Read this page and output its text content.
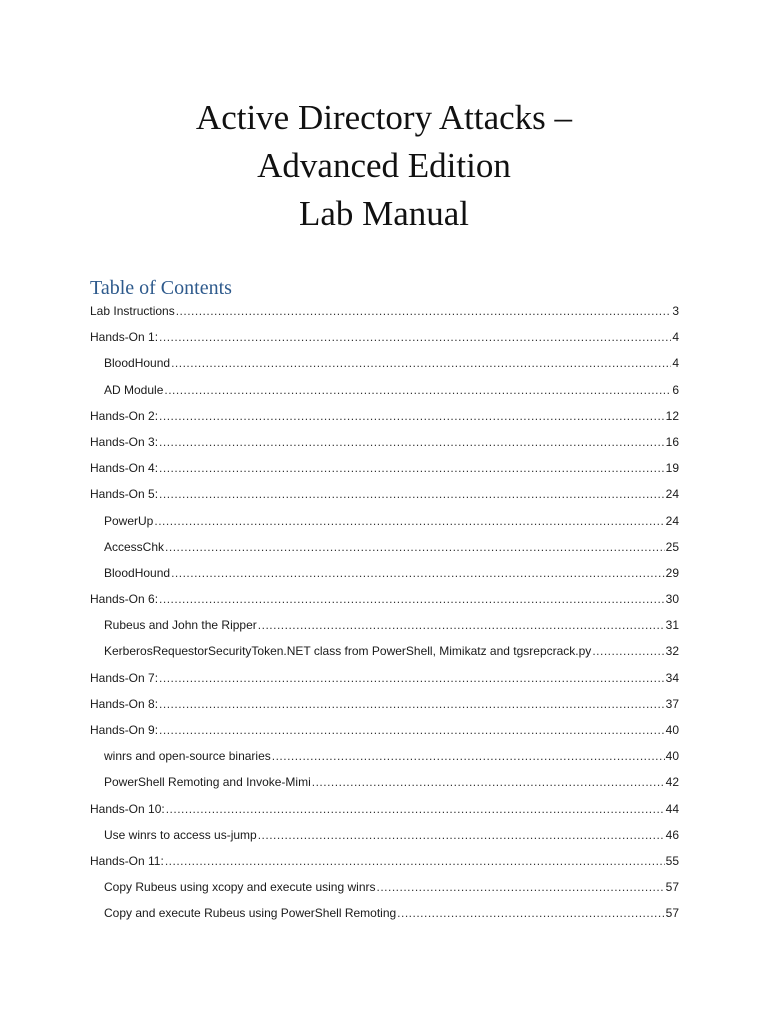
Active Directory Attacks –
Advanced Edition
Lab Manual
Table of Contents
Lab Instructions .....	3
Hands-On 1: .....	4
BloodHound .....	4
AD Module .....	6
Hands-On 2: .....	12
Hands-On 3: .....	16
Hands-On 4: .....	19
Hands-On 5: .....	24
PowerUp .....	24
AccessChk .....	25
BloodHound .....	29
Hands-On 6: .....	30
Rubeus and John the Ripper .....	31
KerberosRequestorSecurityToken.NET class from PowerShell, Mimikatz and tgsrepcrack.py .....	32
Hands-On 7: .....	34
Hands-On 8: .....	37
Hands-On 9: .....	40
winrs and open-source binaries .....	40
PowerShell Remoting and Invoke-Mimi .....	42
Hands-On 10: .....	44
Use winrs to access us-jump .....	46
Hands-On 11: .....	55
Copy Rubeus using xcopy and execute using winrs .....	57
Copy and execute Rubeus using PowerShell Remoting .....	57
